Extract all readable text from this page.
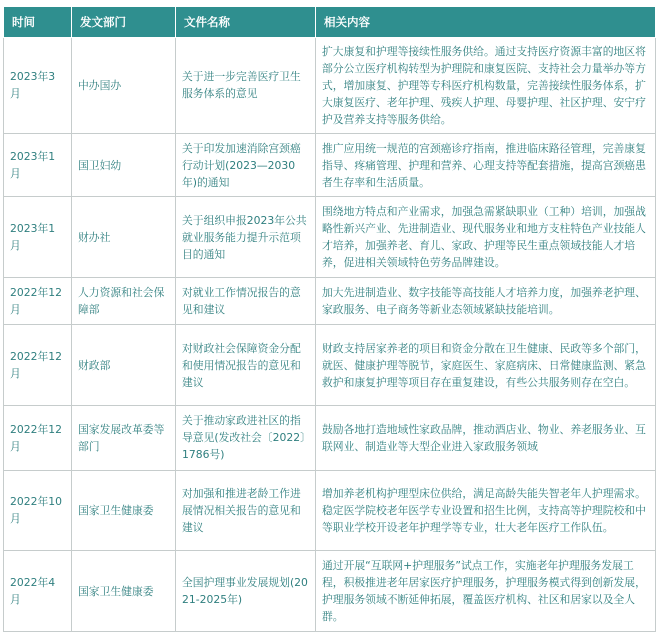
时间	发文部门	文件名称	相关内容
2023年3月	中办国办	关于进一步完善医疗卫生服务体系的意见	扩大康复和护理等接续性服务供给。通过支持医疗资源丰富的地区将部分公立医疗机构转型为护理院和康复医院、支持社会力量举办等方式，增加康复、护理等专科医疗机构数量，完善接续性服务体系，扩大康复医疗、老年护理、残疾人护理、母婴护理、社区护理、安宁疗护及营养支持等服务供给。
2023年1月	国卫妇幼	关于印发加速消除宫颈癌行动计划(2023—2030年)的通知	推广应用统一规范的宫颈癌诊疗指南，推进临床路径管理，完善康复指导、疼痛管理、护理和营养、心理支持等配套措施，提高宫颈癌患者生存率和生活质量。
2023年1月	财办社	关于组织申报2023年公共就业服务能力提升示范项目的通知	围绕地方特点和产业需求，加强急需紧缺职业（工种）培训，加强战略性新兴产业、先进制造业、现代服务业和地方支柱特色产业技能人才培养，加强养老、育儿、家政、护理等民生重点领域技能人才培养，促进相关领域特色劳务品牌建设。
2022年12月	人力资源和社会保障部	对就业工作情况报告的意见和建议	加大先进制造业、数字技能等高技能人才培养力度，加强养老护理、家政服务、电子商务等新业态领域紧缺技能培训。
2022年12月	财政部	对财政社会保障资金分配和使用情况报告的意见和建议	财政支持居家养老的项目和资金分散在卫生健康、民政等多个部门，就医、健康护理等脱节，家庭医生、家庭病床、日常健康监测、紧急救护和康复护理等项目存在重复建设，有些公共服务则存在空白。
2022年12月	国家发展改革委等部门	关于推动家政进社区的指导意见(发改社会〔2022〕1786号)	鼓励各地打造地域性家政品牌，推动酒店业、物业、养老服务业、互联网业、制造业等大型企业进入家政服务领域
2022年10月	国家卫生健康委	对加强和推进老龄工作进展情况相关报告的意见和建议	增加养老机构护理型床位供给，满足高龄失能失智老年人护理需求。稳定医学院校老年医学专业设置和招生比例，支持高等护理院校和中等职业学校开设老年护理学等专业，壮大老年医疗工作队伍。
2022年4月	国家卫生健康委	全国护理事业发展规划(2021-2025年)	通过开展“互联网+护理服务”试点工作，实施老年护理服务发展工程，积极推进老年居家医疗护理服务，护理服务模式得到创新发展，护理服务领域不断延伸拓展，覆盖医疗机构、社区和居家以及全人群。
